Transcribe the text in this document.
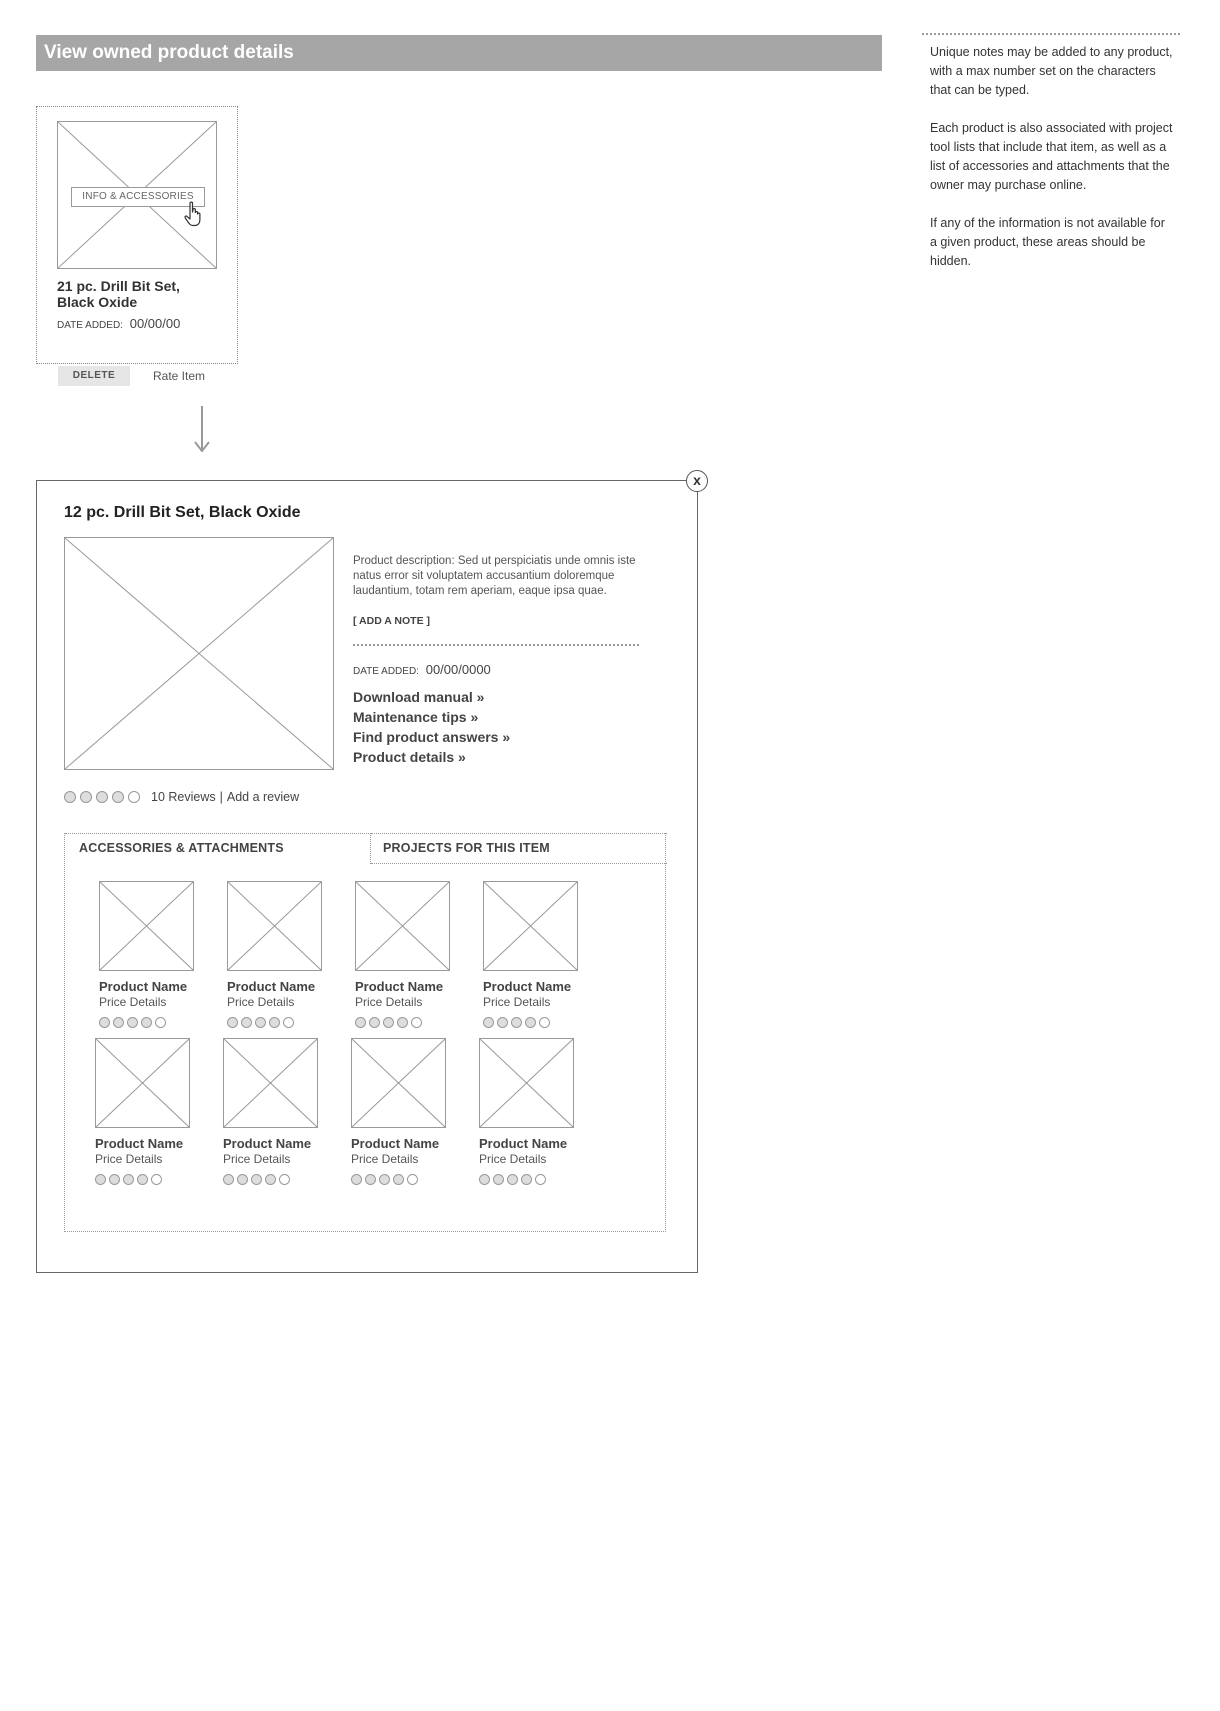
View owned product details	Unique notes may be added to any product, with a max number set on the characters that can be typed.

Each product is also associated with project tool lists that include that item, as well as a list of accessories and attachments that the owner may purchase online.

If any of the information is not available for a given product, these areas should be hidden.

INFO & ACCESSORIES
21 pc. Drill Bit Set,
Black Oxide
DATE ADDED: 00/00/00
DELETE	Rate Item
12 pc. Drill Bit Set, Black Oxide
Product description: Sed ut perspiciatis unde omnis iste natus error sit voluptatem accusantium doloremque laudantium, totam rem aperiam, eaque ipsa quae.
[ ADD A NOTE ]
DATE ADDED: 00/00/0000
Download manual »
Maintenance tips »
Find product answers »
Product details »
10 Reviews | Add a review
ACCESSORIES & ATTACHMENTS	PROJECTS FOR THIS ITEM
Product Name
Price Details
Product Name
Price Details
Product Name
Price Details
Product Name
Price Details
Product Name
Price Details
Product Name
Price Details
Product Name
Price Details
Product Name
Price Details
x
